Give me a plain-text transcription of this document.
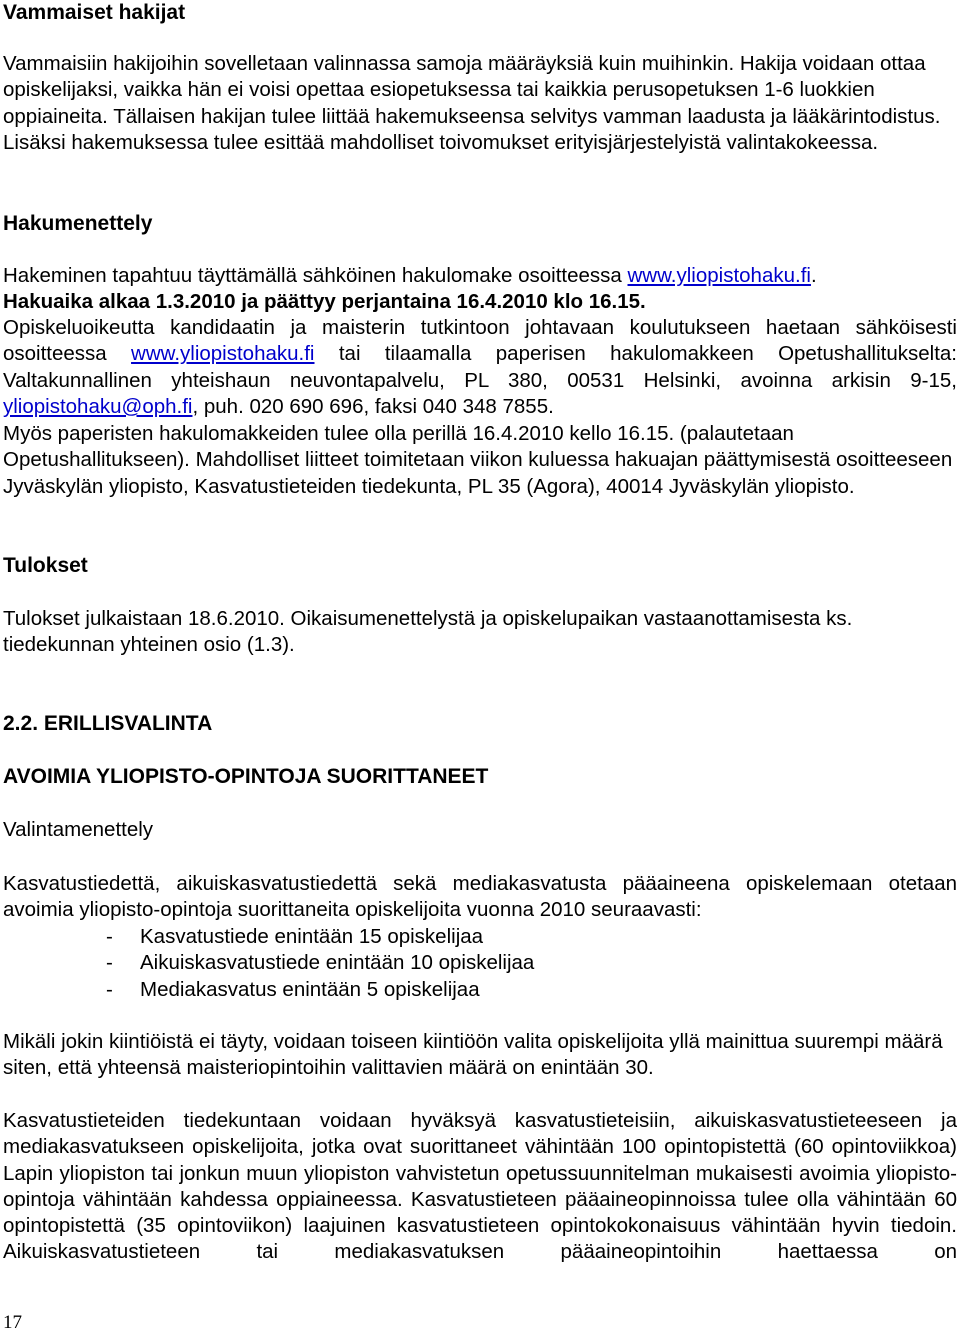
Vammaiset hakijat

Vammaisiin hakijoihin sovelletaan valinnassa samoja määräyksiä kuin muihinkin. Hakija voidaan ottaa opiskelijaksi, vaikka hän ei voisi opettaa esiopetuksessa tai kaikkia perusopetuksen 1-6 luokkien oppiaineita. Tällaisen hakijan tulee liittää hakemukseensa selvitys vamman laadusta ja lääkärintodistus. Lisäksi hakemuksessa tulee esittää mahdolliset toivomukset erityisjärjestelyistä valintakokeessa.

Hakumenettely

Hakeminen tapahtuu täyttämällä sähköinen hakulomake osoitteessa www.yliopistohaku.fi.

Hakuaika alkaa 1.3.2010 ja päättyy perjantaina 16.4.2010 klo 16.15.

Opiskeluoikeutta kandidaatin ja maisterin tutkintoon johtavaan koulutukseen haetaan sähköisesti osoitteessa www.yliopistohaku.fi tai tilaamalla paperisen hakulomakkeen Opetushallitukselta: Valtakunnallinen yhteishaun neuvontapalvelu, PL 380, 00531 Helsinki, avoinna arkisin 9-15, yliopistohaku@oph.fi, puh. 020 690 696, faksi 040 348 7855.

Myös paperisten hakulomakkeiden tulee olla perillä 16.4.2010 kello 16.15. (palautetaan Opetushallitukseen). Mahdolliset liitteet toimitetaan viikon kuluessa hakuajan päättymisestä osoitteeseen Jyväskylän yliopisto, Kasvatustieteiden tiedekunta, PL 35 (Agora), 40014 Jyväskylän yliopisto.

Tulokset

Tulokset julkaistaan 18.6.2010. Oikaisumenettelystä ja opiskelupaikan vastaanottamisesta ks. tiedekunnan yhteinen osio (1.3).

2.2. ERILLISVALINTA
AVOIMIA YLIOPISTO-OPINTOJA SUORITTANEET
Valintamenettely

Kasvatustiedettä, aikuiskasvatustiedettä sekä mediakasvatusta pääaineena opiskelemaan otetaan avoimia yliopisto-opintoja suorittaneita opiskelijoita vuonna 2010 seuraavasti:

- Kasvatustiede enintään 15 opiskelijaa
- Aikuiskasvatustiede enintään 10 opiskelijaa
- Mediakasvatus enintään 5 opiskelijaa

Mikäli jokin kiintiöistä ei täyty, voidaan toiseen kiintiöön valita opiskelijoita yllä mainittua suurempi määrä siten, että yhteensä maisteriopintoihin valittavien määrä on enintään 30.

Kasvatustieteiden tiedekuntaan voidaan hyväksyä kasvatustieteisiin, aikuiskasvatustieteeseen ja mediakasvatukseen opiskelijoita, jotka ovat suorittaneet vähintään 100 opintopistettä (60 opintoviikkoa) Lapin yliopiston tai jonkun muun yliopiston vahvistetun opetussuunnitelman mukaisesti avoimia yliopisto-opintoja vähintään kahdessa oppiaineessa. Kasvatustieteen pääaineopinnoissa tulee olla vähintään 60 opintopistettä (35 opintoviikon) laajuinen kasvatustieteen opintokokonaisuus vähintään hyvin tiedoin. Aikuiskasvatustieteen tai mediakasvatuksen pääaineopintoihin haettaessa on

17
